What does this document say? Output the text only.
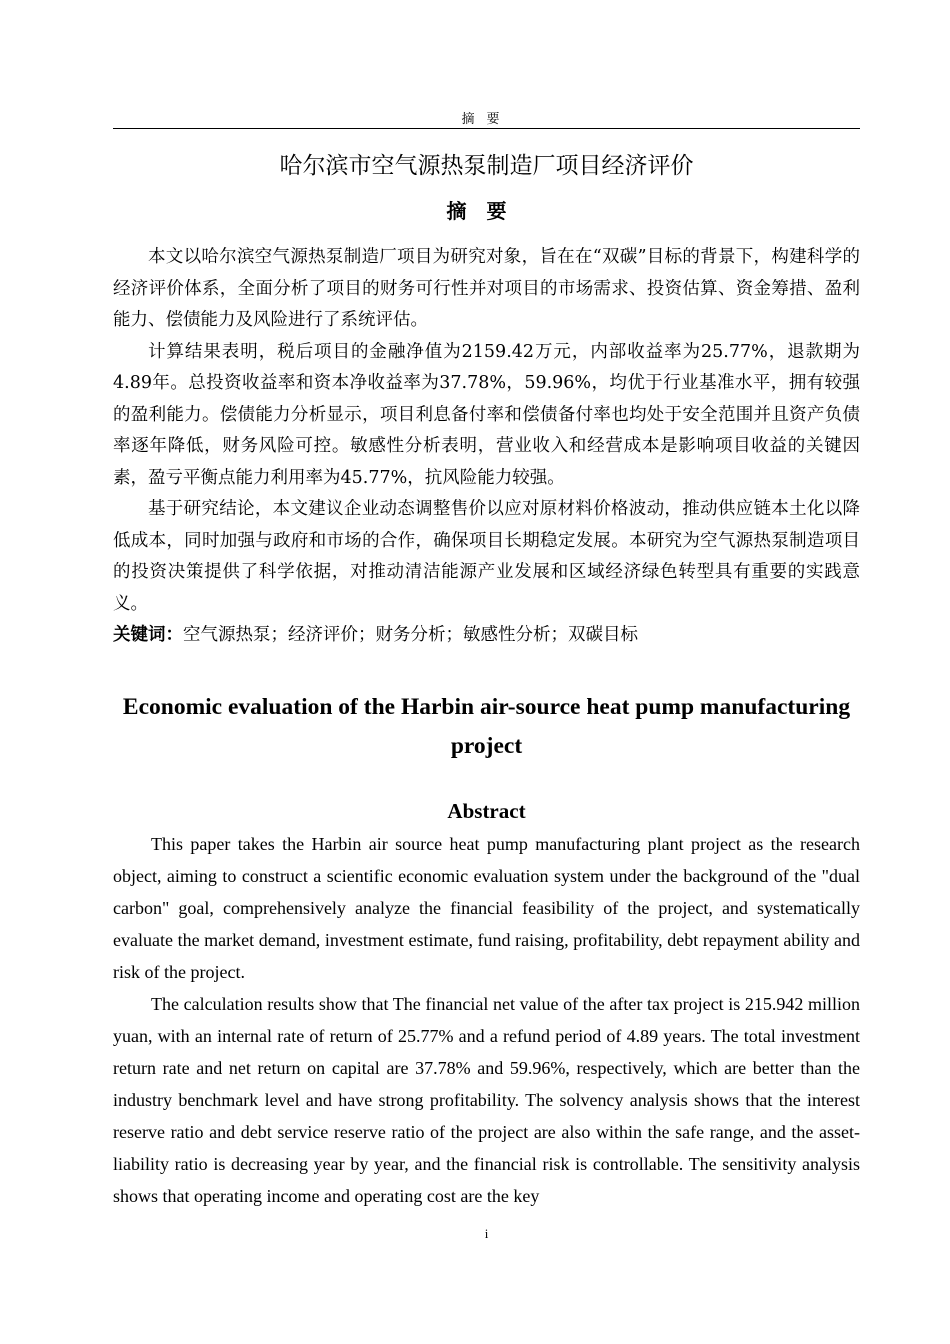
摘要
哈尔滨市空气源热泵制造厂项目经济评价
摘要

本文以哈尔滨空气源热泵制造厂项目为研究对象，旨在在“双碳”目标的背景下，构建科学的经济评价体系，全面分析了项目的财务可行性并对项目的市场需求、投资估算、资金筹措、盈利能力、偿债能力及风险进行了系统评估。

计算结果表明，税后项目的金融净值为2159.42万元，内部收益率为25.77%，退款期为4.89年。总投资收益率和资本净收益率为37.78%，59.96%，均优于行业基准水平，拥有较强的盈利能力。偿债能力分析显示，项目利息备付率和偿债备付率也均处于安全范围并且资产负债率逐年降低，财务风险可控。敏感性分析表明，营业收入和经营成本是影响项目收益的关键因素，盈亏平衡点能力利用率为45.77%，抗风险能力较强。

基于研究结论，本文建议企业动态调整售价以应对原材料价格波动，推动供应链本土化以降低成本，同时加强与政府和市场的合作，确保项目长期稳定发展。本研究为空气源热泵制造项目的投资决策提供了科学依据，对推动清洁能源产业发展和区域经济绿色转型具有重要的实践意义。

关键词：空气源热泵；经济评价；财务分析；敏感性分析；双碳目标
Economic evaluation of the Harbin air-source heat pump manufacturing project
Abstract

This paper takes the Harbin air source heat pump manufacturing plant project as the research object, aiming to construct a scientific economic evaluation system under the background of the "dual carbon" goal, comprehensively analyze the financial feasibility of the project, and systematically evaluate the market demand, investment estimate, fund raising, profitability, debt repayment ability and risk of the project.

The calculation results show that The financial net value of the after tax project is 215.942 million yuan, with an internal rate of return of 25.77% and a refund period of 4.89 years. The total investment return rate and net return on capital are 37.78% and 59.96%, respectively, which are better than the industry benchmark level and have strong profitability. The solvency analysis shows that the interest reserve ratio and debt service reserve ratio of the project are also within the safe range, and the asset-liability ratio is decreasing year by year, and the financial risk is controllable. The sensitivity analysis shows that operating income and operating cost are the key

i
